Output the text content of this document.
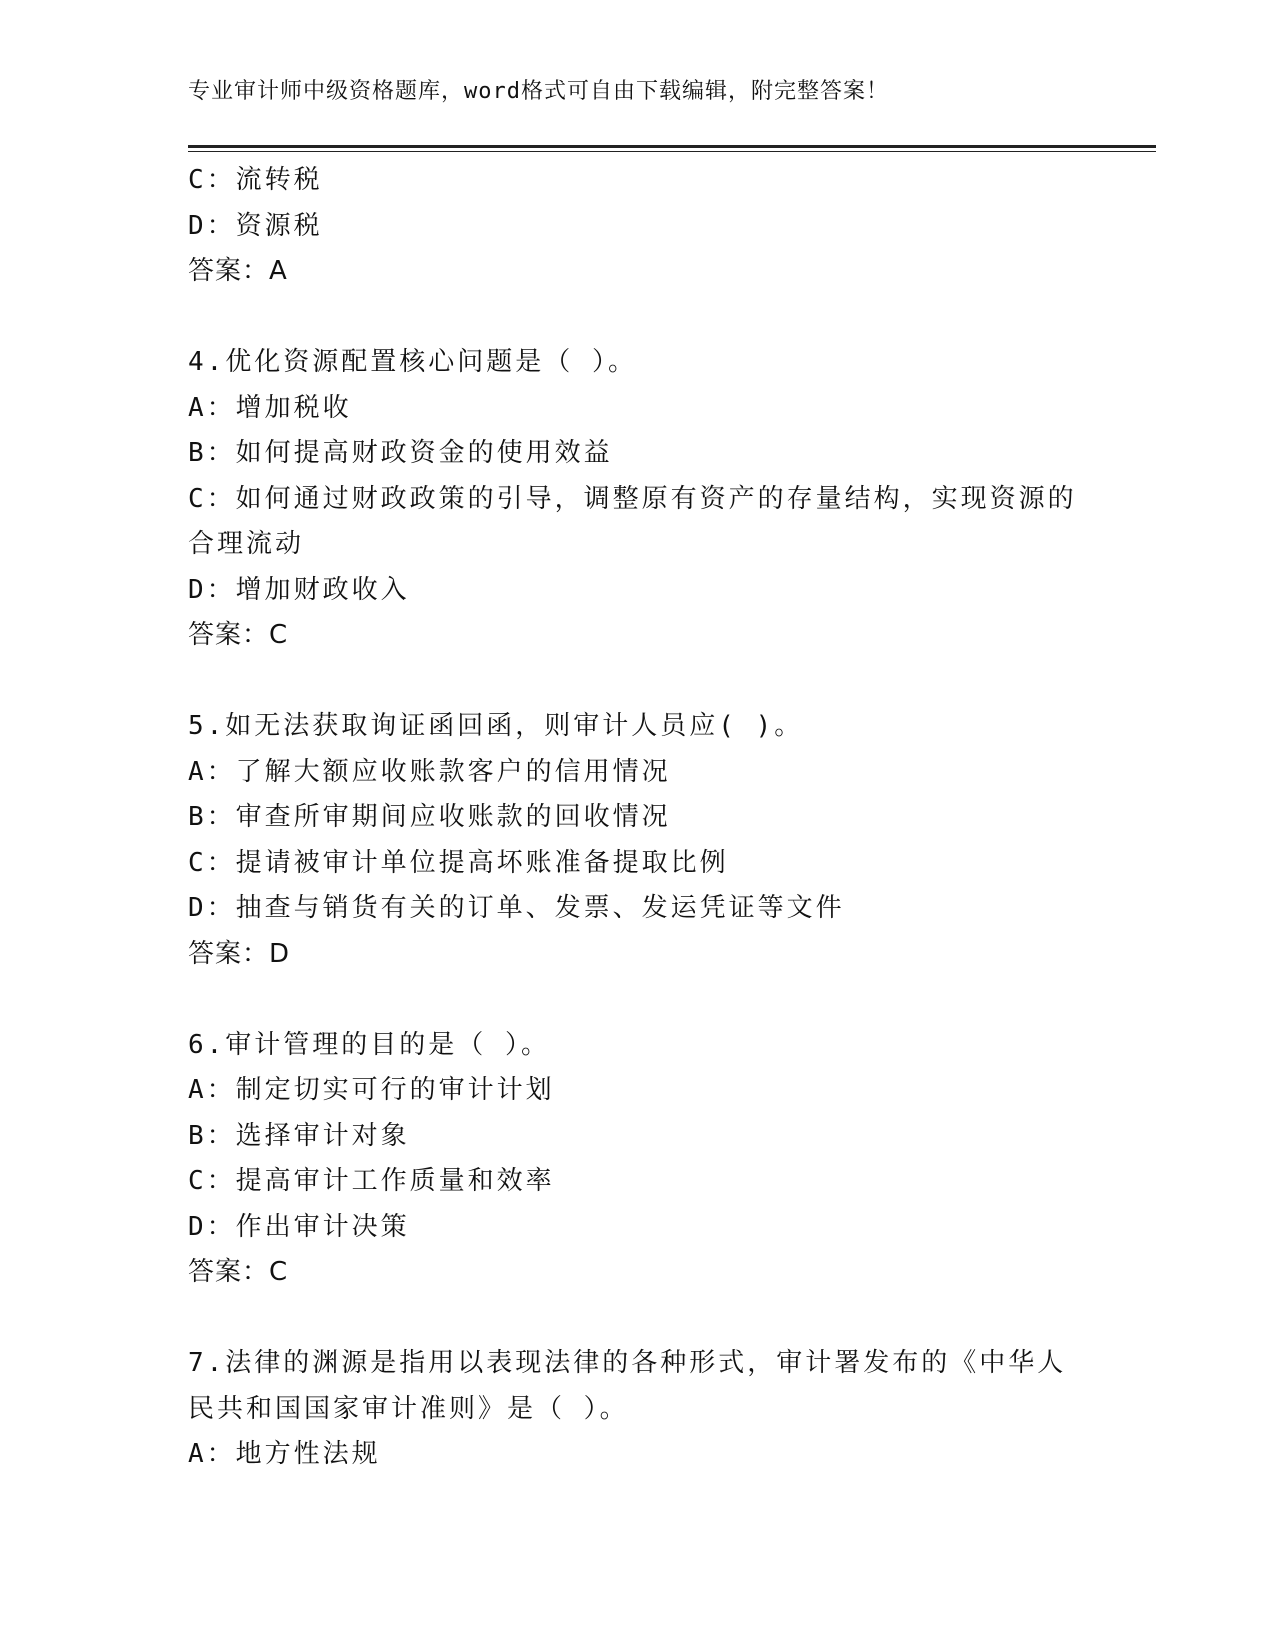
专业审计师中级资格题库，word格式可自由下载编辑，附完整答案！
C：流转税
D：资源税
答案：A
4.优化资源配置核心问题是（ ）。
A：增加税收
B：如何提高财政资金的使用效益
C：如何通过财政政策的引导，调整原有资产的存量结构，实现资源的
合理流动
D：增加财政收入
答案：C
5.如无法获取询证函回函，则审计人员应( )。
A：了解大额应收账款客户的信用情况
B：审查所审期间应收账款的回收情况
C：提请被审计单位提高坏账准备提取比例
D：抽查与销货有关的订单、发票、发运凭证等文件
答案：D
6.审计管理的目的是（ ）。
A：制定切实可行的审计计划
B：选择审计对象
C：提高审计工作质量和效率
D：作出审计决策
答案：C
7.法律的渊源是指用以表现法律的各种形式，审计署发布的《中华人
民共和国国家审计准则》是（ ）。
A：地方性法规
